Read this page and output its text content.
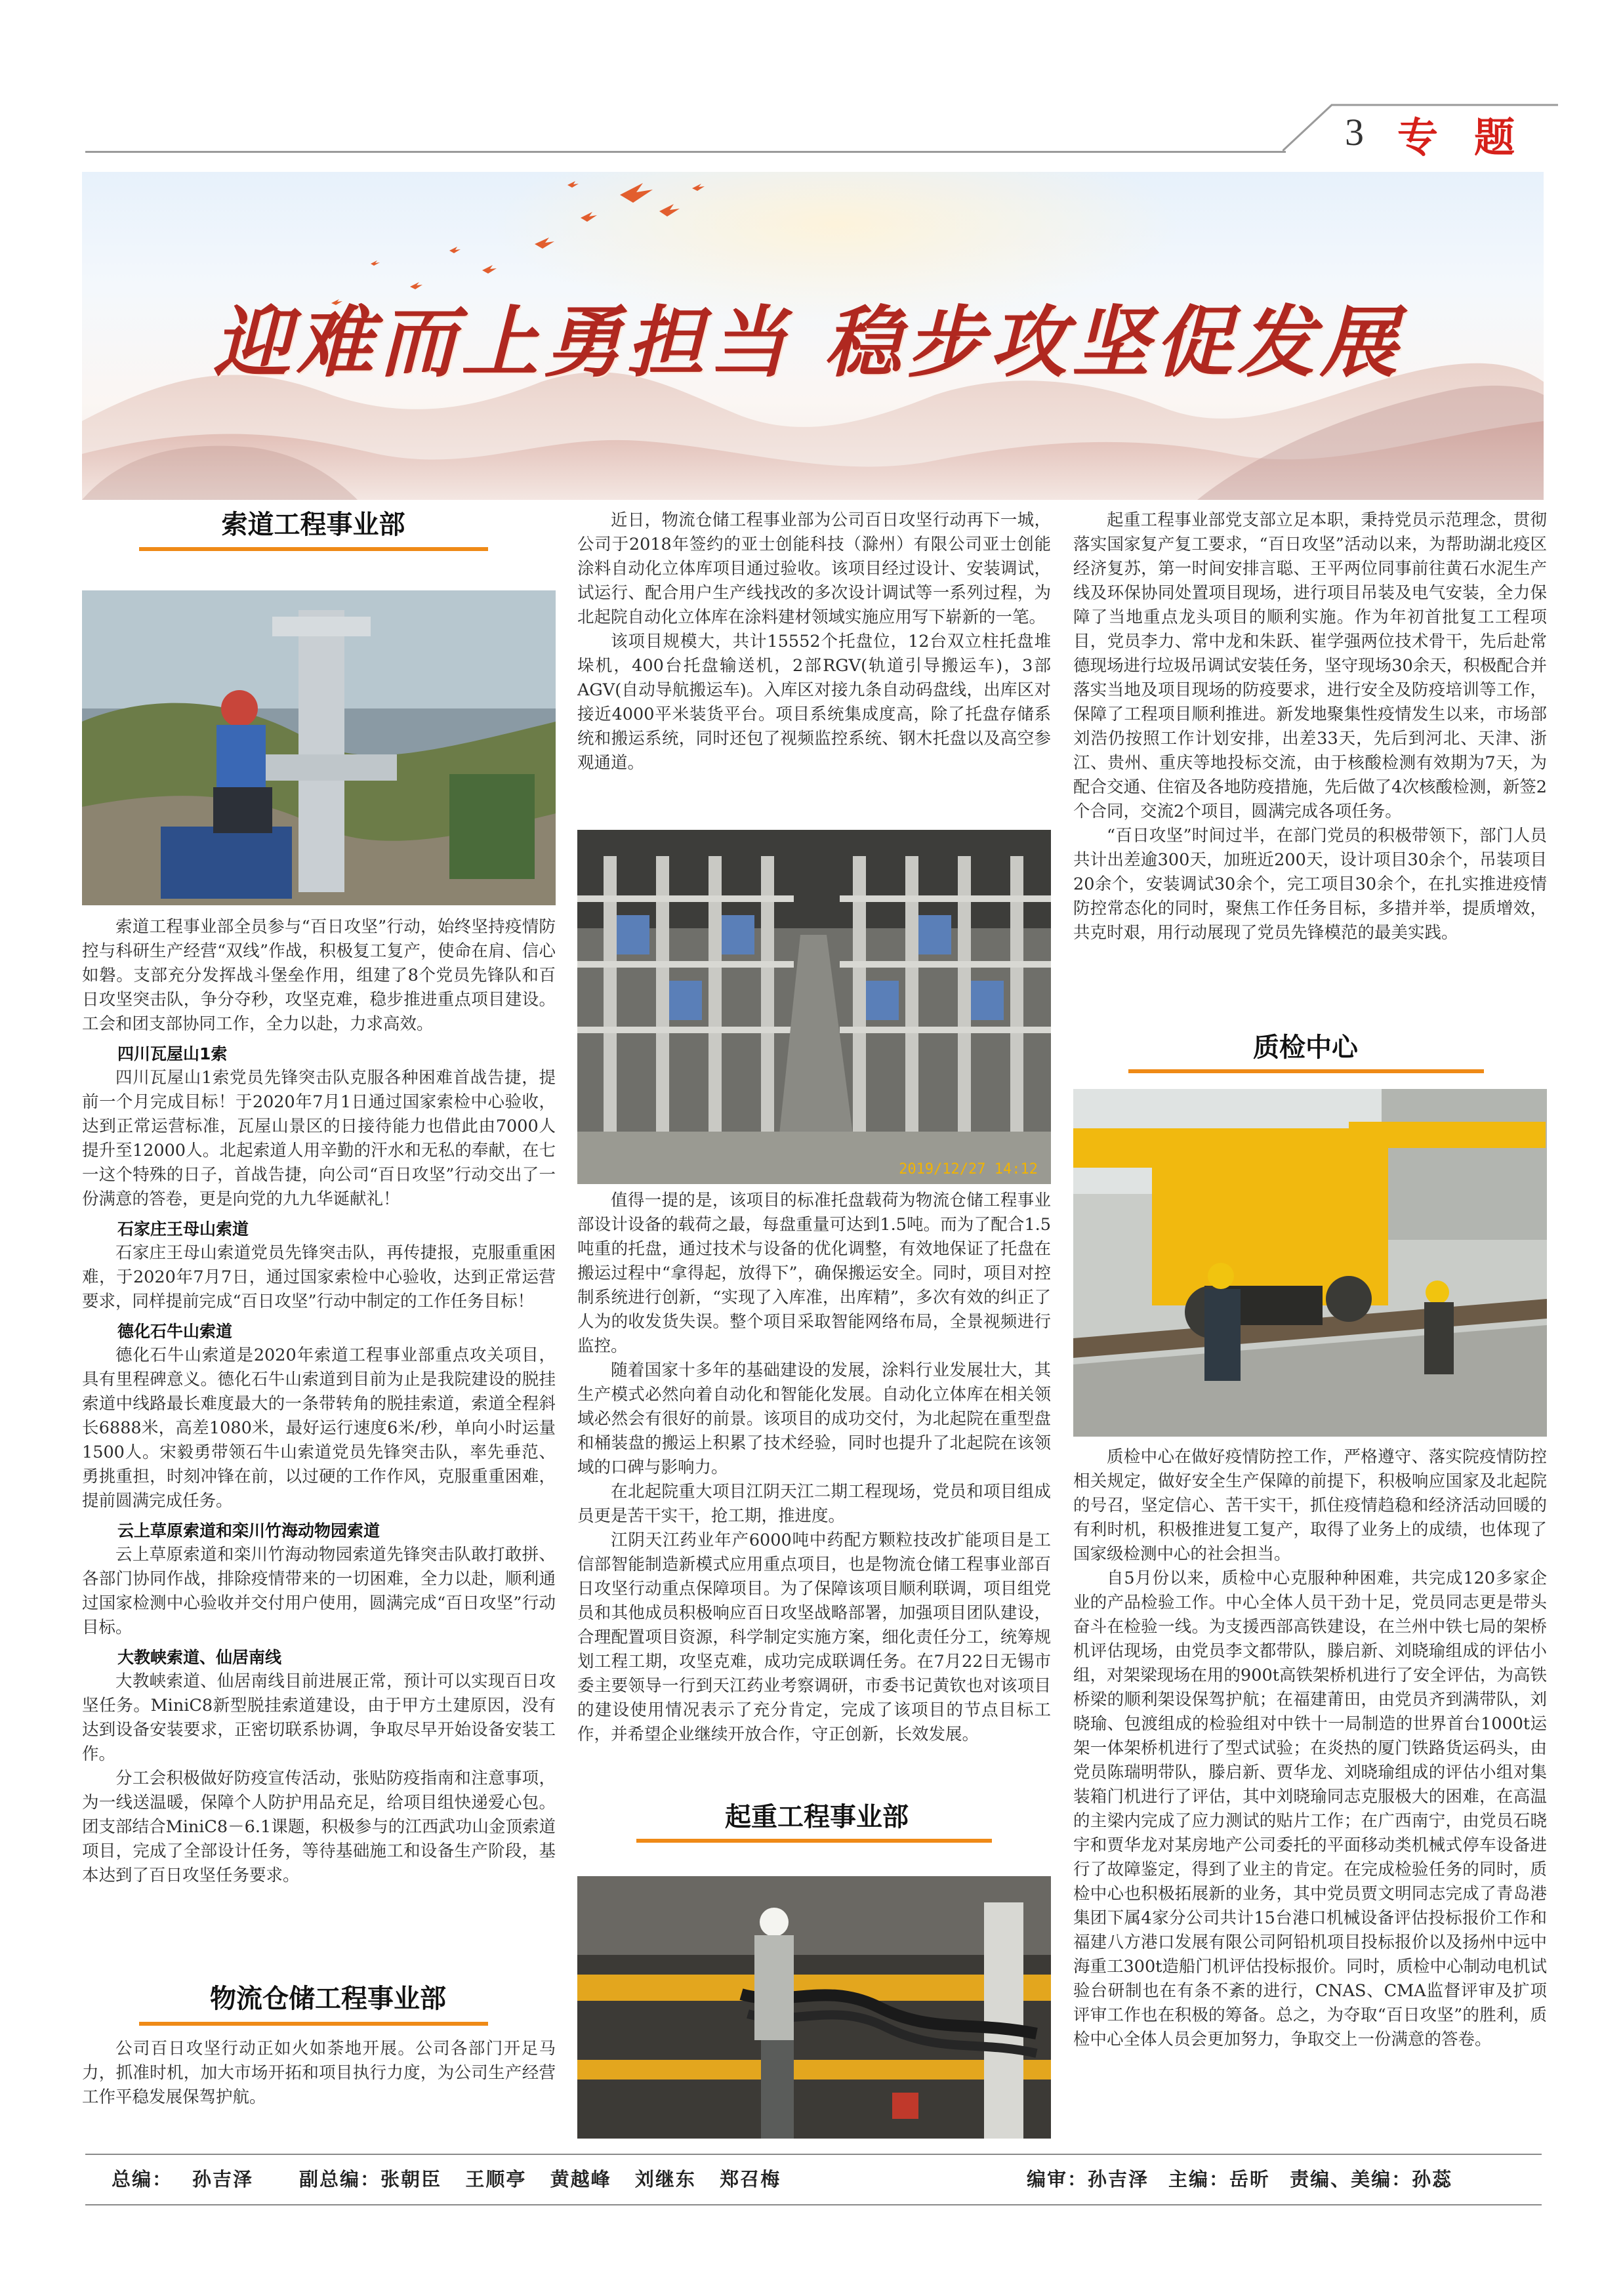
3 专题
迎难而上勇担当 稳步攻坚促发展
索道工程事业部

索道工程事业部全员参与“百日攻坚”行动，始终坚持疫情防控与科研生产经营“双线”作战，积极复工复产，使命在肩、信心如磐。支部充分发挥战斗堡垒作用，组建了8个党员先锋队和百日攻坚突击队，争分夺秒，攻坚克难，稳步推进重点项目建设。工会和团支部协同工作，全力以赴，力求高效。

四川瓦屋山1索

四川瓦屋山1索党员先锋突击队克服各种困难首战告捷，提前一个月完成目标！于2020年7月1日通过国家索检中心验收，达到正常运营标准，瓦屋山景区的日接待能力也借此由7000人提升至12000人。北起索道人用辛勤的汗水和无私的奉献，在七一这个特殊的日子，首战告捷，向公司“百日攻坚”行动交出了一份满意的答卷，更是向党的九九华诞献礼！

石家庄王母山索道

石家庄王母山索道党员先锋突击队，再传捷报，克服重重困难，于2020年7月7日，通过国家索检中心验收，达到正常运营要求，同样提前完成“百日攻坚”行动中制定的工作任务目标！

德化石牛山索道

德化石牛山索道是2020年索道工程事业部重点攻关项目，具有里程碑意义。德化石牛山索道到目前为止是我院建设的脱挂索道中线路最长难度最大的一条带转角的脱挂索道，索道全程斜长6888米，高差1080米，最好运行速度6米/秒，单向小时运量1500人。宋毅勇带领石牛山索道党员先锋突击队，率先垂范、勇挑重担，时刻冲锋在前，以过硬的工作作风，克服重重困难，提前圆满完成任务。

云上草原索道和栾川竹海动物园索道

云上草原索道和栾川竹海动物园索道先锋突击队敢打敢拼、各部门协同作战，排除疫情带来的一切困难，全力以赴，顺利通过国家检测中心验收并交付用户使用，圆满完成“百日攻坚”行动目标。

大教峡索道、仙居南线

大教峡索道、仙居南线目前进展正常，预计可以实现百日攻坚任务。MiniC8新型脱挂索道建设，由于甲方土建原因，没有达到设备安装要求，正密切联系协调，争取尽早开始设备安装工作。

分工会积极做好防疫宣传活动，张贴防疫指南和注意事项，为一线送温暖，保障个人防护用品充足，给项目组快递爱心包。团支部结合MiniC8－6.1课题，积极参与的江西武功山金顶索道项目，完成了全部设计任务，等待基础施工和设备生产阶段，基本达到了百日攻坚任务要求。

物流仓储工程事业部

公司百日攻坚行动正如火如荼地开展。公司各部门开足马力，抓准时机，加大市场开拓和项目执行力度，为公司生产经营工作平稳发展保驾护航。

近日，物流仓储工程事业部为公司百日攻坚行动再下一城，公司于2018年签约的亚士创能科技（滁州）有限公司亚士创能涂料自动化立体库项目通过验收。该项目经过设计、安装调试，试运行、配合用户生产线找改的多次设计调试等一系列过程，为北起院自动化立体库在涂料建材领域实施应用写下崭新的一笔。

该项目规模大，共计15552个托盘位，12台双立柱托盘堆垛机，400台托盘输送机，2部RGV(轨道引导搬运车)，3部AGV(自动导航搬运车)。入库区对接九条自动码盘线，出库区对接近4000平米装货平台。项目系统集成度高，除了托盘存储系统和搬运系统，同时还包了视频监控系统、钢木托盘以及高空参观通道。

2019/12/27 14:12

值得一提的是，该项目的标准托盘载荷为物流仓储工程事业部设计设备的载荷之最，每盘重量可达到1.5吨。而为了配合1.5吨重的托盘，通过技术与设备的优化调整，有效地保证了托盘在搬运过程中“拿得起，放得下”，确保搬运安全。同时，项目对控制系统进行创新，“实现了入库准，出库精”，多次有效的纠正了人为的收发货失误。整个项目采取智能网络布局，全景视频进行监控。

随着国家十多年的基础建设的发展，涂料行业发展壮大，其生产模式必然向着自动化和智能化发展。自动化立体库在相关领域必然会有很好的前景。该项目的成功交付，为北起院在重型盘和桶装盘的搬运上积累了技术经验，同时也提升了北起院在该领域的口碑与影响力。

在北起院重大项目江阴天江二期工程现场，党员和项目组成员更是苦干实干，抢工期，推进度。

江阴天江药业年产6000吨中药配方颗粒技改扩能项目是工信部智能制造新模式应用重点项目，也是物流仓储工程事业部百日攻坚行动重点保障项目。为了保障该项目顺利联调，项目组党员和其他成员积极响应百日攻坚战略部署，加强项目团队建设，合理配置项目资源，科学制定实施方案，细化责任分工，统筹规划工程工期，攻坚克难，成功完成联调任务。在7月22日无锡市委主要领导一行到天江药业考察调研，市委书记黄钦也对该项目的建设使用情况表示了充分肯定，完成了该项目的节点目标工作，并希望企业继续开放合作，守正创新，长效发展。

起重工程事业部

起重工程事业部党支部立足本职，秉持党员示范理念，贯彻落实国家复产复工要求，“百日攻坚”活动以来，为帮助湖北疫区经济复苏，第一时间安排言聪、王平两位同事前往黄石水泥生产线及环保协同处置项目现场，进行项目吊装及电气安装，全力保障了当地重点龙头项目的顺利实施。作为年初首批复工工程项目，党员李力、常中龙和朱跃、崔学强两位技术骨干，先后赴常德现场进行垃圾吊调试安装任务，坚守现场30余天，积极配合并落实当地及项目现场的防疫要求，进行安全及防疫培训等工作，保障了工程项目顺利推进。新发地聚集性疫情发生以来，市场部刘浩仍按照工作计划安排，出差33天，先后到河北、天津、浙江、贵州、重庆等地投标交流，由于核酸检测有效期为7天，为配合交通、住宿及各地防疫措施，先后做了4次核酸检测，新签2个合同，交流2个项目，圆满完成各项任务。

“百日攻坚”时间过半，在部门党员的积极带领下，部门人员共计出差逾300天，加班近200天，设计项目30余个，吊装项目20余个，安装调试30余个，完工项目30余个，在扎实推进疫情防控常态化的同时，聚焦工作任务目标，多措并举，提质增效，共克时艰，用行动展现了党员先锋模范的最美实践。

质检中心

质检中心在做好疫情防控工作，严格遵守、落实院疫情防控相关规定，做好安全生产保障的前提下，积极响应国家及北起院的号召，坚定信心、苦干实干，抓住疫情趋稳和经济活动回暖的有利时机，积极推进复工复产，取得了业务上的成绩，也体现了国家级检测中心的社会担当。

自5月份以来，质检中心克服种种困难，共完成120多家企业的产品检验工作。中心全体人员干劲十足，党员同志更是带头奋斗在检验一线。为支援西部高铁建设，在兰州中铁七局的架桥机评估现场，由党员李文都带队，滕启新、刘晓瑜组成的评估小组，对架梁现场在用的900t高铁架桥机进行了安全评估，为高铁桥梁的顺利架设保驾护航；在福建莆田，由党员齐到满带队，刘晓瑜、包渡组成的检验组对中铁十一局制造的世界首台1000t运架一体架桥机进行了型式试验；在炎热的厦门铁路货运码头，由党员陈瑞明带队，滕启新、贾华龙、刘晓瑜组成的评估小组对集装箱门机进行了评估，其中刘晓瑜同志克服极大的困难，在高温的主梁内完成了应力测试的贴片工作；在广西南宁，由党员石晓宇和贾华龙对某房地产公司委托的平面移动类机械式停车设备进行了故障鉴定，得到了业主的肯定。在完成检验任务的同时，质检中心也积极拓展新的业务，其中党员贾文明同志完成了青岛港集团下属4家分公司共计15台港口机械设备评估投标报价工作和福建八方港口发展有限公司阿铅机项目投标报价以及扬州中远中海重工300t造船门机评估投标报价。同时，质检中心制动电机试验台研制也在有条不紊的进行，CNAS、CMA监督评审及扩项评审工作也在积极的筹备。总之，为夺取“百日攻坚”的胜利，质检中心全体人员会更加努力，争取交上一份满意的答卷。

总编： 孙吉泽 副总编：张朝臣   王顺亭   黄越峰   刘继东   郑召梅	编审：孙吉泽 主编：岳昕 责编、美编：孙蕊
